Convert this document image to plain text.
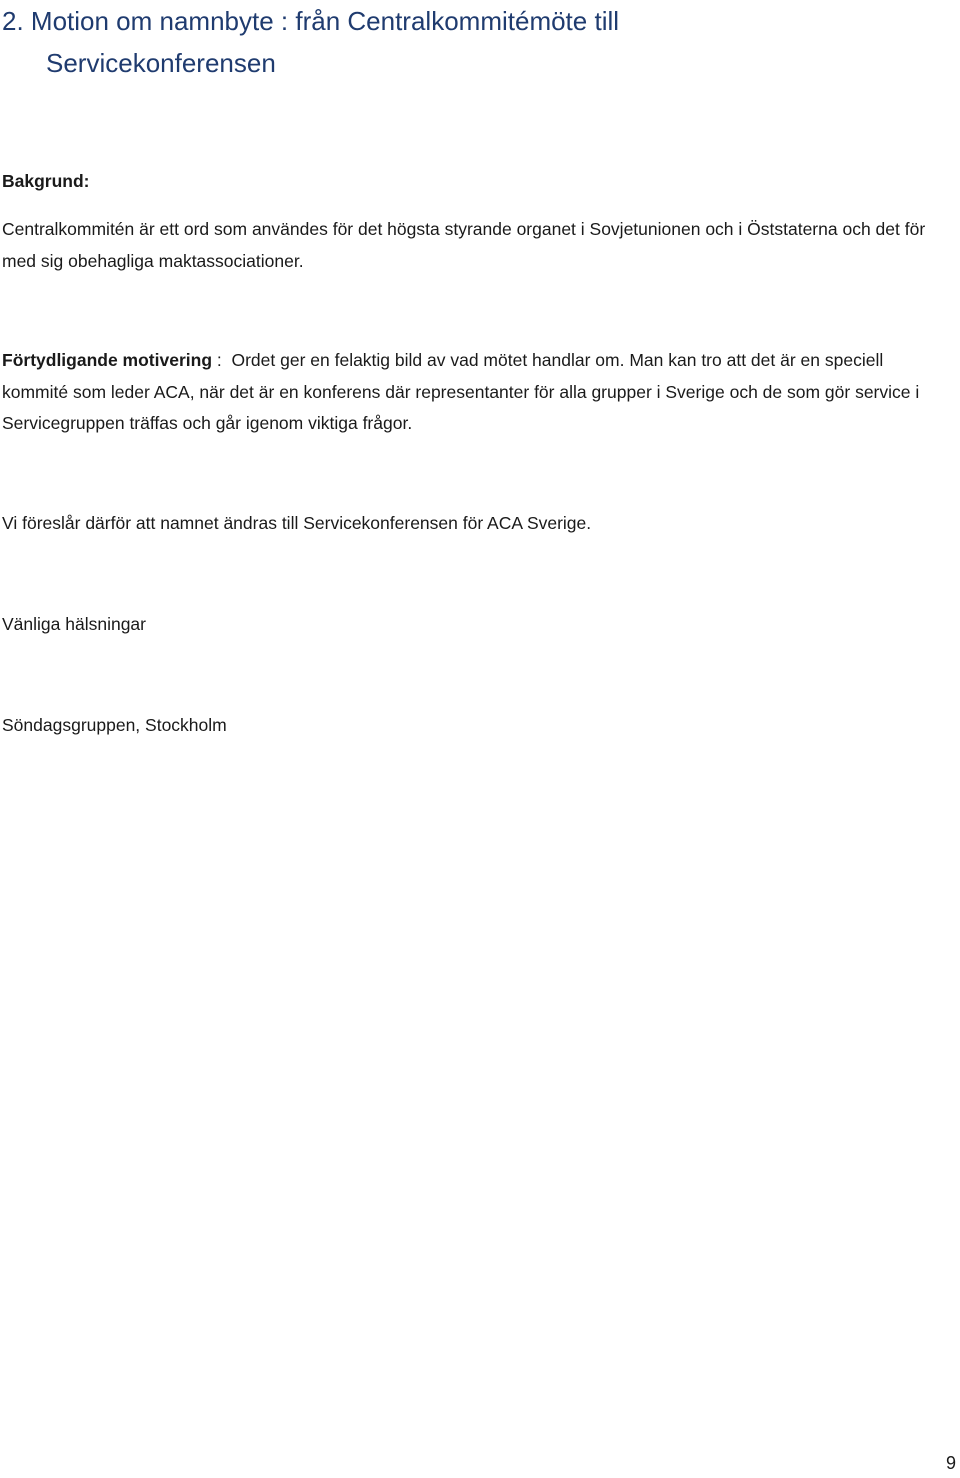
2. Motion om namnbyte : från Centralkommitémöte till
Servicekonferensen

Bakgrund:

Centralkommitén är ett ord som användes för det högsta styrande organet i Sovjetunionen och i Öststaterna och det för med sig obehagliga maktassociationer.

Förtydligande motivering :  Ordet ger en felaktig bild av vad mötet handlar om. Man kan tro att det är en speciell kommité som leder ACA, när det är en konferens där representanter för alla grupper i Sverige och de som gör service i Servicegruppen träffas och går igenom viktiga frågor.

Vi föreslår därför att namnet ändras till Servicekonferensen för ACA Sverige.

Vänliga hälsningar

Söndagsgruppen, Stockholm

9
